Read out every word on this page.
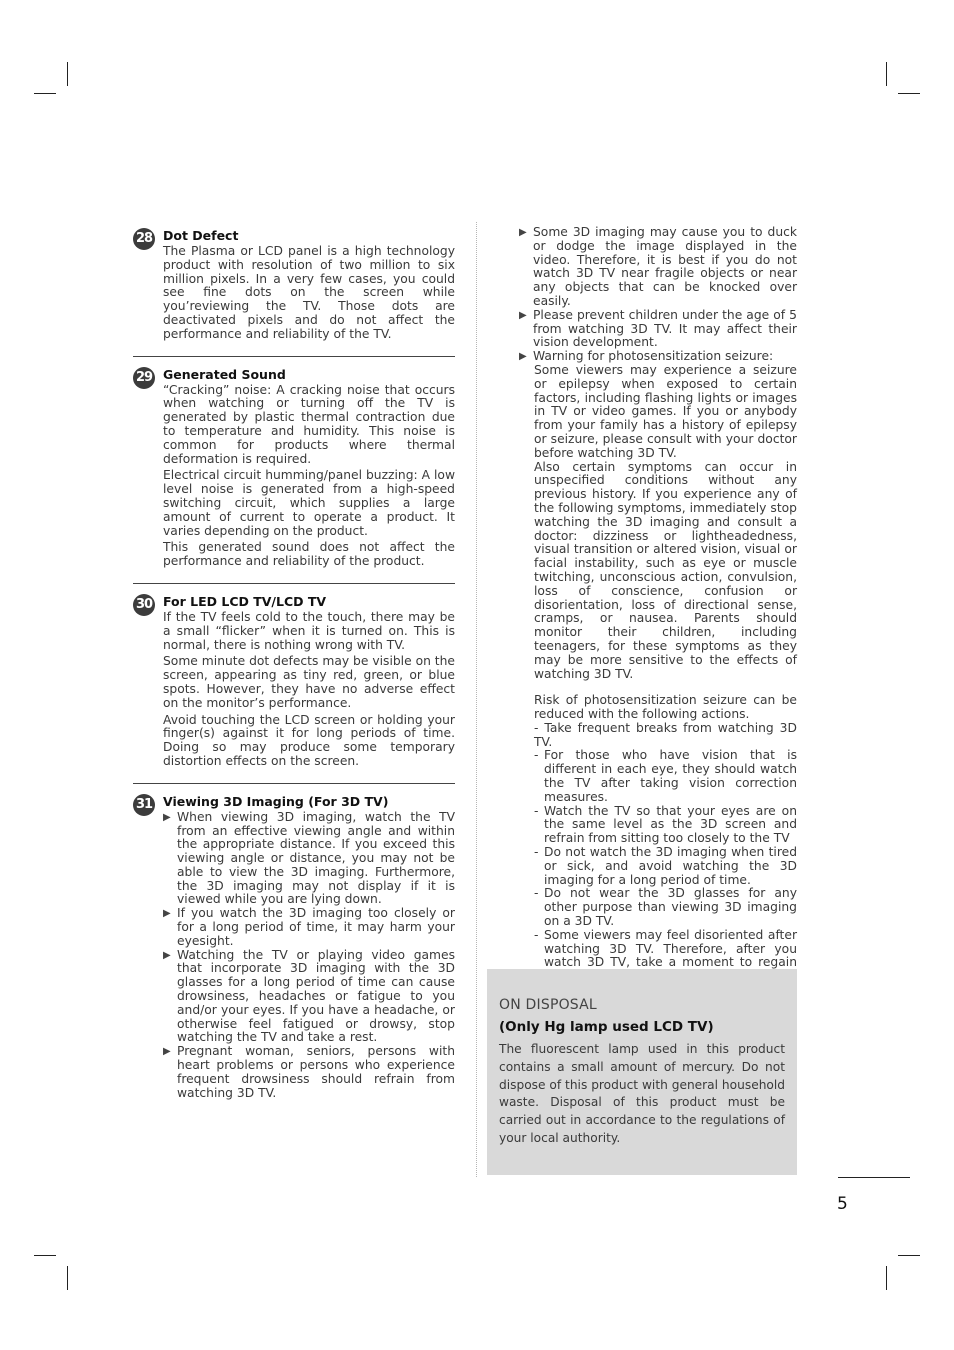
28 Dot Defect

The Plasma or LCD panel is a high technology product with resolution of two million to six million pixels. In a very few cases, you could see fine dots on the screen while you’reviewing the TV. Those dots are deactivated pixels and do not affect the performance and reliability of the TV.

29 Generated Sound

“Cracking” noise: A cracking noise that occurs when watching or turning off the TV is generated by plastic thermal contraction due to temperature and humidity. This noise is common for products where thermal deformation is required.

Electrical circuit humming/panel buzzing: A low level noise is generated from a high-speed switching circuit, which supplies a large amount of current to operate a product. It varies depending on the product.

This generated sound does not affect the performance and reliability of the product.

30 For LED LCD TV/LCD TV

If the TV feels cold to the touch, there may be a small “flicker” when it is turned on. This is normal, there is nothing wrong with TV.

Some minute dot defects may be visible on the screen, appearing as tiny red, green, or blue spots. However, they have no adverse effect on the monitor’s performance.

Avoid touching the LCD screen or holding your finger(s) against it for long periods of time. Doing so may produce some temporary distortion effects on the screen.

31 Viewing 3D Imaging (For 3D TV)
▶ When viewing 3D imaging, watch the TV from an effective viewing angle and within the appropriate distance. If you exceed this viewing angle or distance, you may not be able to view the 3D imaging. Furthermore, the 3D imaging may not display if it is viewed while you are lying down.

▶ If you watch the 3D imaging too closely or for a long period of time, it may harm your eyesight.

▶ Watching the TV or playing video games that incorporate 3D imaging with the 3D glasses for a long period of time can cause drowsiness, headaches or fatigue to you and/or your eyes. If you have a headache, or otherwise feel fatigued or drowsy, stop watching the TV and take a rest.

▶ Pregnant woman, seniors, persons with heart problems or persons who experience frequent drowsiness should refrain from watching 3D TV.

▶ Some 3D imaging may cause you to duck or dodge the image displayed in the video. Therefore, it is best if you do not watch 3D TV near fragile objects or near any objects that can be knocked over easily.

▶ Please prevent children under the age of 5 from watching 3D TV. It may affect their vision development.

▶ Warning for photosensitization seizure:

Some viewers may experience a seizure or epilepsy when exposed to certain factors, including flashing lights or images in TV or video games. If you or anybody from your family has a history of epilepsy or seizure, please consult with your doctor before watching 3D TV.

Also certain symptoms can occur in unspecified conditions without any previous history. If you experience any of the following symptoms, immediately stop watching the 3D imaging and consult a doctor: dizziness or lightheadedness, visual transition or altered vision, visual or facial instability, such as eye or muscle twitching, unconscious action, convulsion, loss of conscience, confusion or disorientation, loss of directional sense, cramps, or nausea. Parents should monitor their children, including teenagers, for these symptoms as they may be more sensitive to the effects of watching 3D TV.

Risk of photosensitization seizure can be reduced with the following actions.

- Take frequent breaks from watching 3D TV.

- For those who have vision that is different in each eye, they should watch the TV after taking vision correction measures.

- Watch the TV so that your eyes are on the same level as the 3D screen and refrain from sitting too closely to the TV

- Do not watch the 3D imaging when tired or sick, and avoid watching the 3D imaging for a long period of time.

- Do not wear the 3D glasses for any other purpose than viewing 3D imaging on a 3D TV.

- Some viewers may feel disoriented after watching 3D TV. Therefore, after you watch 3D TV, take a moment to regain

ON DISPOSAL
(Only Hg lamp used LCD TV)

The fluorescent lamp used in this product contains a small amount of mercury. Do not dispose of this product with general household waste. Disposal of this product must be carried out in accordance to the regulations of your local authority.

5
